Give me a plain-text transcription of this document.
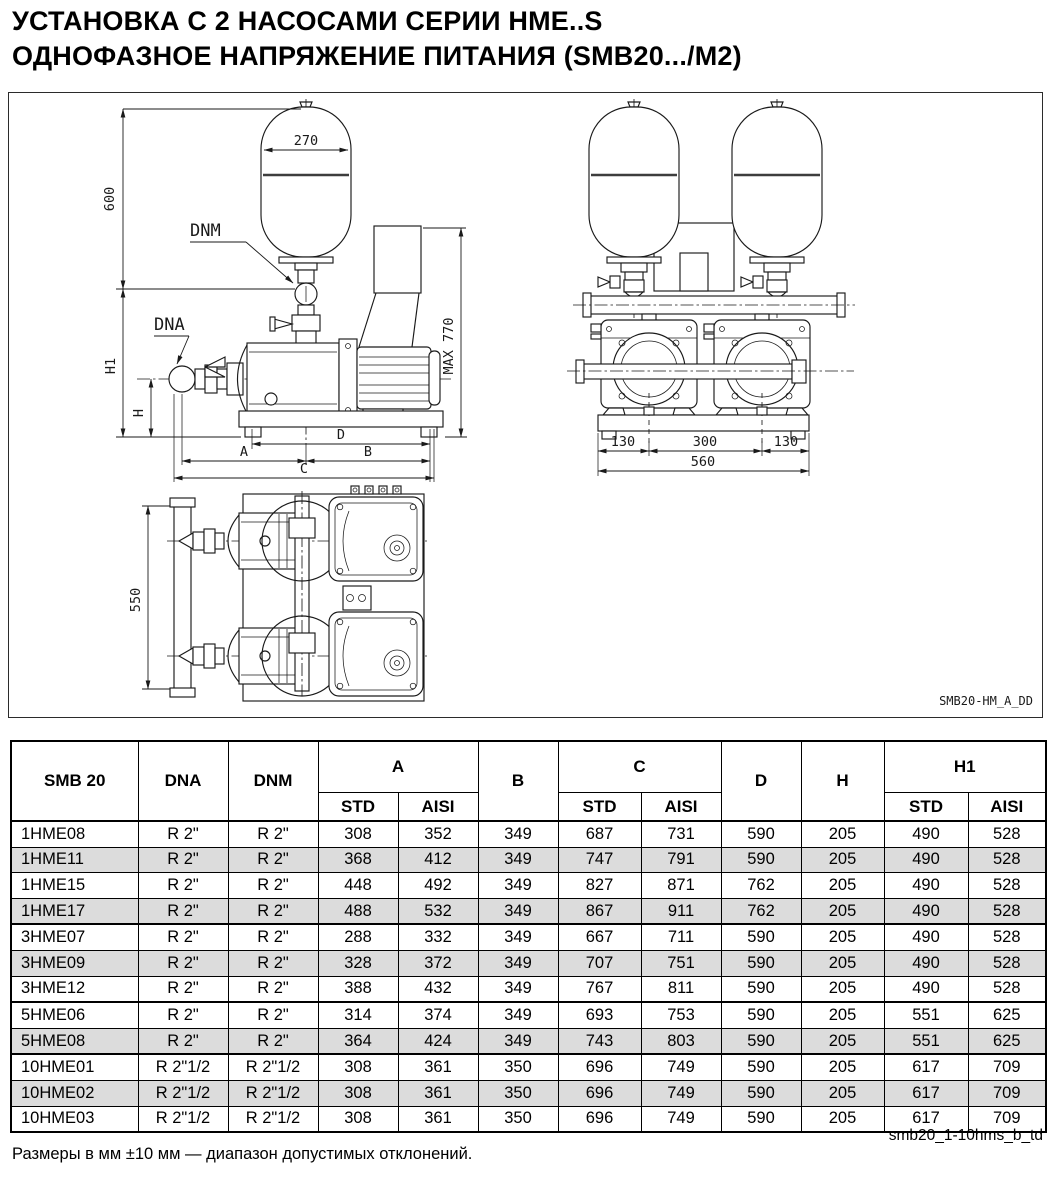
УСТАНОВКА С 2 НАСОСАМИ СЕРИИ HME..S
ОДНОФАЗНОЕ НАПРЯЖЕНИЕ ПИТАНИЯ (SMB20.../M2)
270
DNM
600
DNA	MAX 770
H1
H
D
A	B
C
130	300	130
560
550
SMB20-HM_A_DD
SMB 20	DNA	DNM	A		B	C		D	H	H1	
			STD	AISI		STD	AISI			STD	AISI
1HME08	R 2"	R 2"	308	352	349	687	731	590	205	490	528
1HME11	R 2"	R 2"	368	412	349	747	791	590	205	490	528
1HME15	R 2"	R 2"	448	492	349	827	871	762	205	490	528
1HME17	R 2"	R 2"	488	532	349	867	911	762	205	490	528
3HME07	R 2"	R 2"	288	332	349	667	711	590	205	490	528
3HME09	R 2"	R 2"	328	372	349	707	751	590	205	490	528
3HME12	R 2"	R 2"	388	432	349	767	811	590	205	490	528
5HME06	R 2"	R 2"	314	374	349	693	753	590	205	551	625
5HME08	R 2"	R 2"	364	424	349	743	803	590	205	551	625
10HME01	R 2"1/2	R 2"1/2	308	361	350	696	749	590	205	617	709
10HME02	R 2"1/2	R 2"1/2	308	361	350	696	749	590	205	617	709
10HME03	R 2"1/2	R 2"1/2	308	361	350	696	749	590	205	617	709
smb20_1-10hms_b_td
Размеры в мм ±10 мм — диапазон допустимых отклонений.
